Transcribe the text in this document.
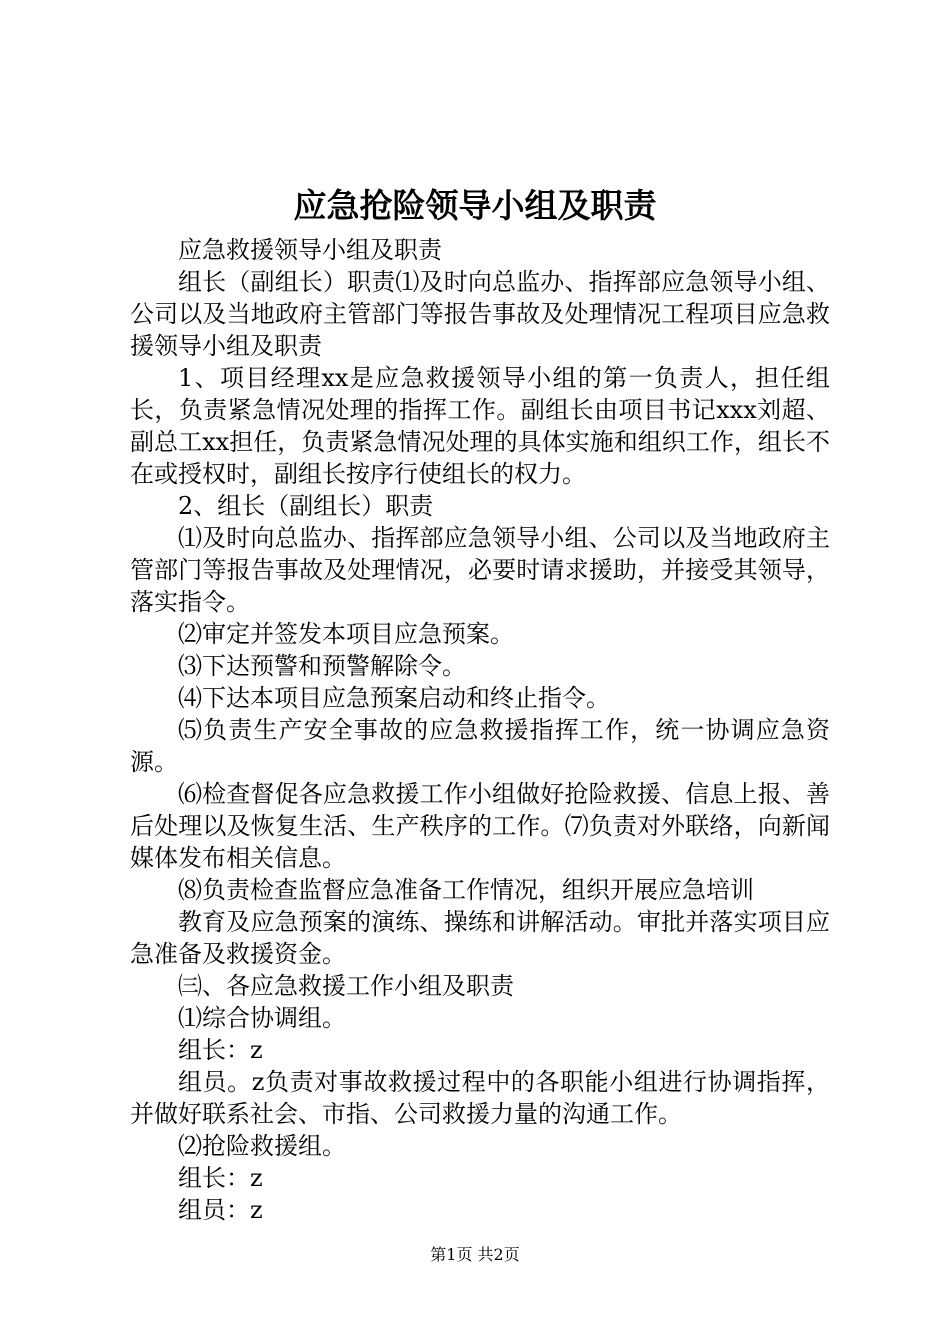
应急抢险领导小组及职责

应急救援领导小组及职责

组长（副组长）职责⑴及时向总监办、指挥部应急领导小组、公司以及当地政府主管部门等报告事故及处理情况工程项目应急救援领导小组及职责

1、项目经理xx是应急救援领导小组的第一负责人，担任组长，负责紧急情况处理的指挥工作。副组长由项目书记xxx刘超、副总工xx担任，负责紧急情况处理的具体实施和组织工作，组长不在或授权时，副组长按序行使组长的权力。

2、组长（副组长）职责

⑴及时向总监办、指挥部应急领导小组、公司以及当地政府主管部门等报告事故及处理情况，必要时请求援助，并接受其领导，落实指令。

⑵审定并签发本项目应急预案。

⑶下达预警和预警解除令。

⑷下达本项目应急预案启动和终止指令。

⑸负责生产安全事故的应急救援指挥工作，统一协调应急资源。

⑹检查督促各应急救援工作小组做好抢险救援、信息上报、善后处理以及恢复生活、生产秩序的工作。⑺负责对外联络，向新闻媒体发布相关信息。

⑻负责检查监督应急准备工作情况，组织开展应急培训

教育及应急预案的演练、操练和讲解活动。审批并落实项目应急准备及救援资金。

㈢、各应急救援工作小组及职责

⑴综合协调组。

组长：z

组员。z负责对事故救援过程中的各职能小组进行协调指挥，并做好联系社会、市指、公司救援力量的沟通工作。

⑵抢险救援组。

组长：z

组员：z

第1页 共2页
